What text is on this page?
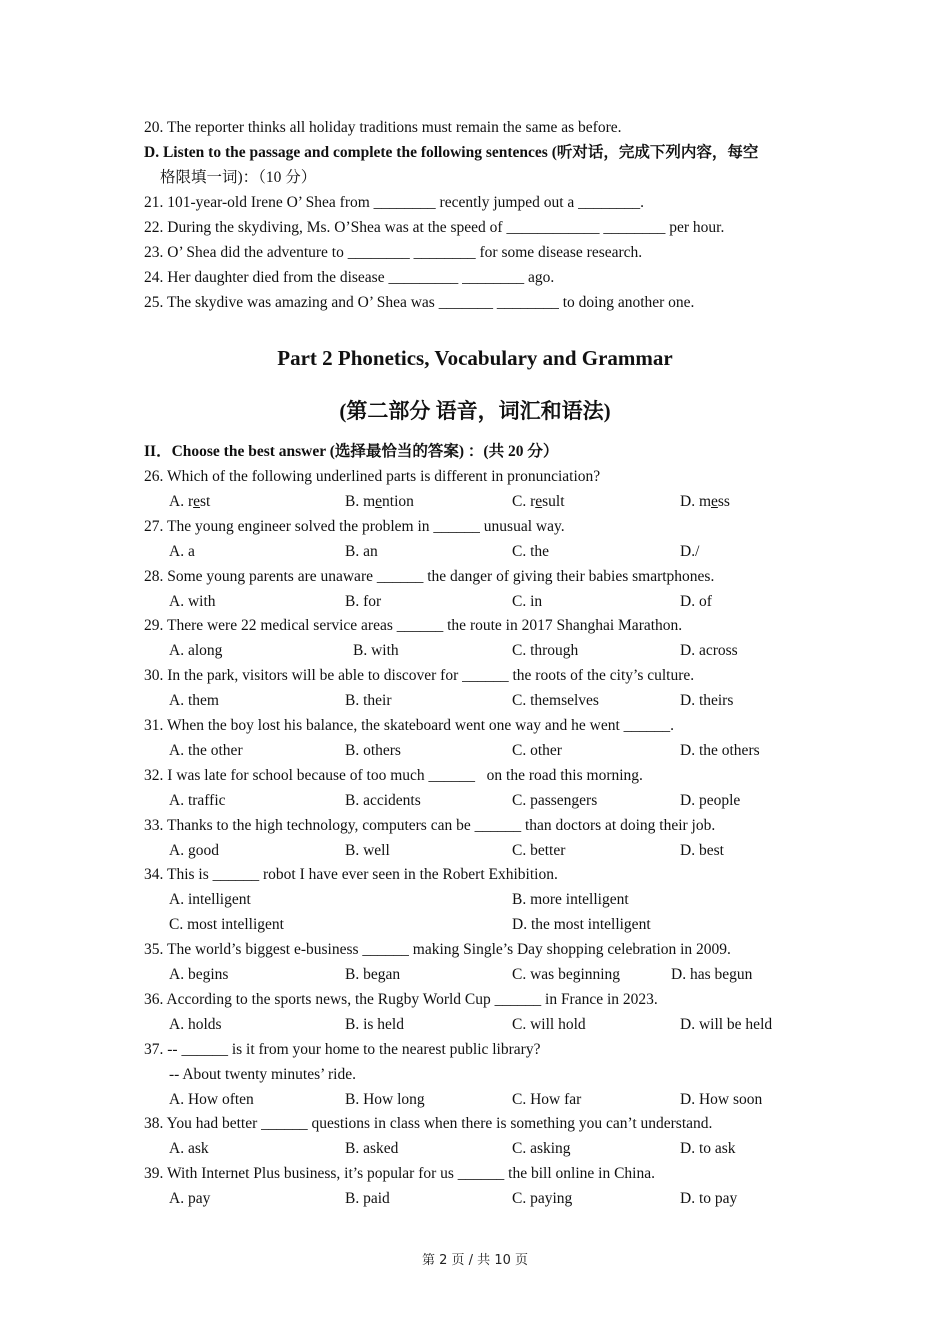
20. The reporter thinks all holiday traditions must remain the same as before.
D. Listen to the passage and complete the following sentences (听对话，完成下列内容，每空
格限填一词)：（10 分）
21. 101-year-old Irene O’ Shea from ________ recently jumped out a ________.
22. During the skydiving, Ms. O’Shea was at the speed of ____________ ________ per hour.
23. O’ Shea did the adventure to ________ ________ for some disease research.
24. Her daughter died from the disease _________ ________ ago.
25. The skydive was amazing and O’ Shea was _______ ________ to doing another one.
Part 2 Phonetics, Vocabulary and Grammar
(第二部分 语音，词汇和语法)
II．Choose the best answer (选择最恰当的答案) ：(共 20 分）
26. Which of the following underlined parts is different in pronunciation?
A. rest	B. mention	C. result	D. mess
27. The young engineer solved the problem in ______ unusual way.
A. a	B. an	C. the	D./
28. Some young parents are unaware ______ the danger of giving their babies smartphones.
A. with	B. for	C. in	D. of
29. There were 22 medical service areas ______ the route in 2017 Shanghai Marathon.
A. along	B. with	C. through	D. across
30. In the park, visitors will be able to discover for ______ the roots of the city’s culture.
A. them	B. their	C. themselves	D. theirs
31. When the boy lost his balance, the skateboard went one way and he went ______.
A. the other	B. others	C. other	D. the others
32. I was late for school because of too much ______   on the road this morning.
A. traffic	B. accidents	C. passengers	D. people
33. Thanks to the high technology, computers can be ______ than doctors at doing their job.
A. good	B. well	C. better	D. best
34. This is ______ robot I have ever seen in the Robert Exhibition.
A. intelligent	B. more intelligent
C. most intelligent	D. the most intelligent
35. The world’s biggest e-business ______ making Single’s Day shopping celebration in 2009.
A. begins	B. began	C. was beginning	D. has begun
36. According to the sports news, the Rugby World Cup ______ in France in 2023.
A. holds	B. is held	C. will hold	D. will be held
37. -- ______ is it from your home to the nearest public library?
-- About twenty minutes’ ride.
A. How often	B. How long	C. How far	D. How soon
38. You had better ______ questions in class when there is something you can’t understand.
A. ask	B. asked	C. asking	D. to ask
39. With Internet Plus business, it’s popular for us ______ the bill online in China.
A. pay	B. paid	C. paying	D. to pay
第 2 页 / 共 10 页
